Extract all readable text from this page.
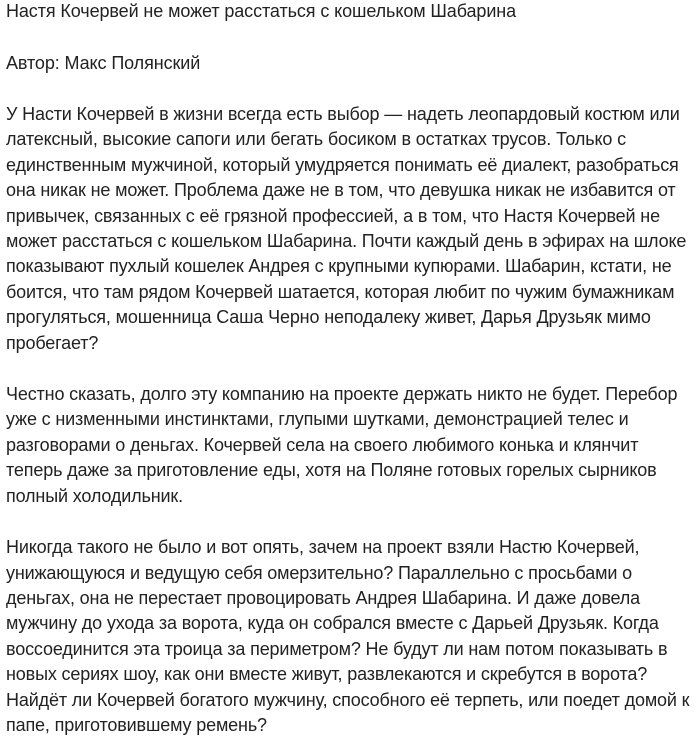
Настя Кочервей не может расстаться с кошельком Шабарина
Автор: Макс Полянский

У Насти Кочервей в жизни всегда есть выбор — надеть леопардовый костюм или латексный, высокие сапоги или бегать босиком в остатках трусов. Только с единственным мужчиной, который умудряется понимать её диалект, разобраться она никак не может. Проблема даже не в том, что девушка никак не избавится от привычек, связанных с её грязной профессией, а в том, что Настя Кочервей не может расстаться с кошельком Шабарина. Почти каждый день в эфирах на шлоке показывают пухлый кошелек Андрея с крупными купюрами. Шабарин, кстати, не боится, что там рядом Кочервей шатается, которая любит по чужим бумажникам прогуляться, мошенница Саша Черно неподалеку живет, Дарья Друзьяк мимо пробегает?

Честно сказать, долго эту компанию на проекте держать никто не будет. Перебор уже с низменными инстинктами, глупыми шутками, демонстрацией телес и разговорами о деньгах. Кочервей села на своего любимого конька и клянчит теперь даже за приготовление еды, хотя на Поляне готовых горелых сырников полный холодильник.

Никогда такого не было и вот опять, зачем на проект взяли Настю Кочервей, унижающуюся и ведущую себя омерзительно? Параллельно с просьбами о деньгах, она не перестает провоцировать Андрея Шабарина. И даже довела мужчину до ухода за ворота, куда он собрался вместе с Дарьей Друзьяк. Когда воссоединится эта троица за периметром? Не будут ли нам потом показывать в новых сериях шоу, как они вместе живут, развлекаются и скребутся в ворота? Найдёт ли Кочервей богатого мужчину, способного её терпеть, или поедет домой к папе, приготовившему ремень?
